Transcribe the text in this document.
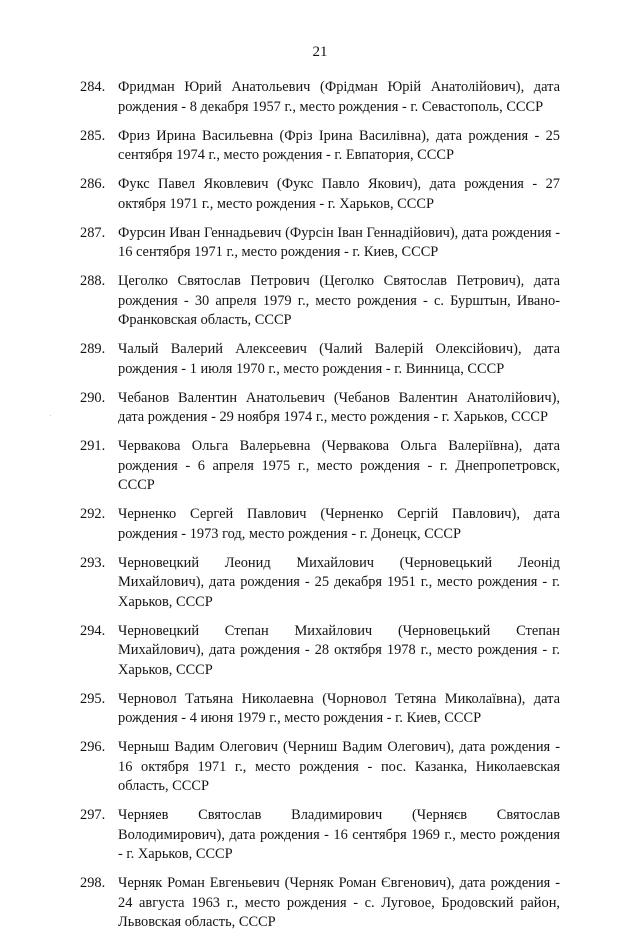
21
284. Фридман Юрий Анатольевич (Фрідман Юрій Анатолійович), дата рождения - 8 декабря 1957 г., место рождения - г. Севастополь, СССР
285. Фриз Ирина Васильевна (Фріз Ірина Василівна), дата рождения - 25 сентября 1974 г., место рождения - г. Евпатория, СССР
286. Фукс Павел Яковлевич (Фукс Павло Якович), дата рождения - 27 октября 1971 г., место рождения - г. Харьков, СССР
287. Фурсин Иван Геннадьевич (Фурсін Іван Геннадійович), дата рождения - 16 сентября 1971 г., место рождения - г. Киев, СССР
288. Цеголко Святослав Петрович (Цеголко Святослав Петрович), дата рождения - 30 апреля 1979 г., место рождения - с. Бурштын, Ивано-Франковская область, СССР
289. Чалый Валерий Алексеевич (Чалий Валерій Олексійович), дата рождения - 1 июля 1970 г., место рождения - г. Винница, СССР
290. Чебанов Валентин Анатольевич (Чебанов Валентин Анатолійович), дата рождения - 29 ноября 1974 г., место рождения - г. Харьков, СССР
291. Червакова Ольга Валерьевна (Червакова Ольга Валеріївна), дата рождения - 6 апреля 1975 г., место рождения - г. Днепропетровск, СССР
292. Черненко Сергей Павлович (Черненко Сергій Павлович), дата рождения - 1973 год, место рождения - г. Донецк, СССР
293. Черновецкий Леонид Михайлович (Черновецький Леонід Михайлович), дата рождения - 25 декабря 1951 г., место рождения - г. Харьков, СССР
294. Черновецкий Степан Михайлович (Черновецький Степан Михайлович), дата рождения - 28 октября 1978 г., место рождения - г. Харьков, СССР
295. Черновол Татьяна Николаевна (Чорновол Тетяна Миколаївна), дата рождения - 4 июня 1979 г., место рождения - г. Киев, СССР
296. Черныш Вадим Олегович (Черниш Вадим Олегович), дата рождения - 16 октября 1971 г., место рождения - пос. Казанка, Николаевская область, СССР
297. Черняев Святослав Владимирович (Черняєв Святослав Володимирович), дата рождения - 16 сентября 1969 г., место рождения - г. Харьков, СССР
298. Черняк Роман Евгеньевич (Черняк Роман Євгенович), дата рождения - 24 августа 1963 г., место рождения - с. Луговое, Бродовский район, Львовская область, СССР
